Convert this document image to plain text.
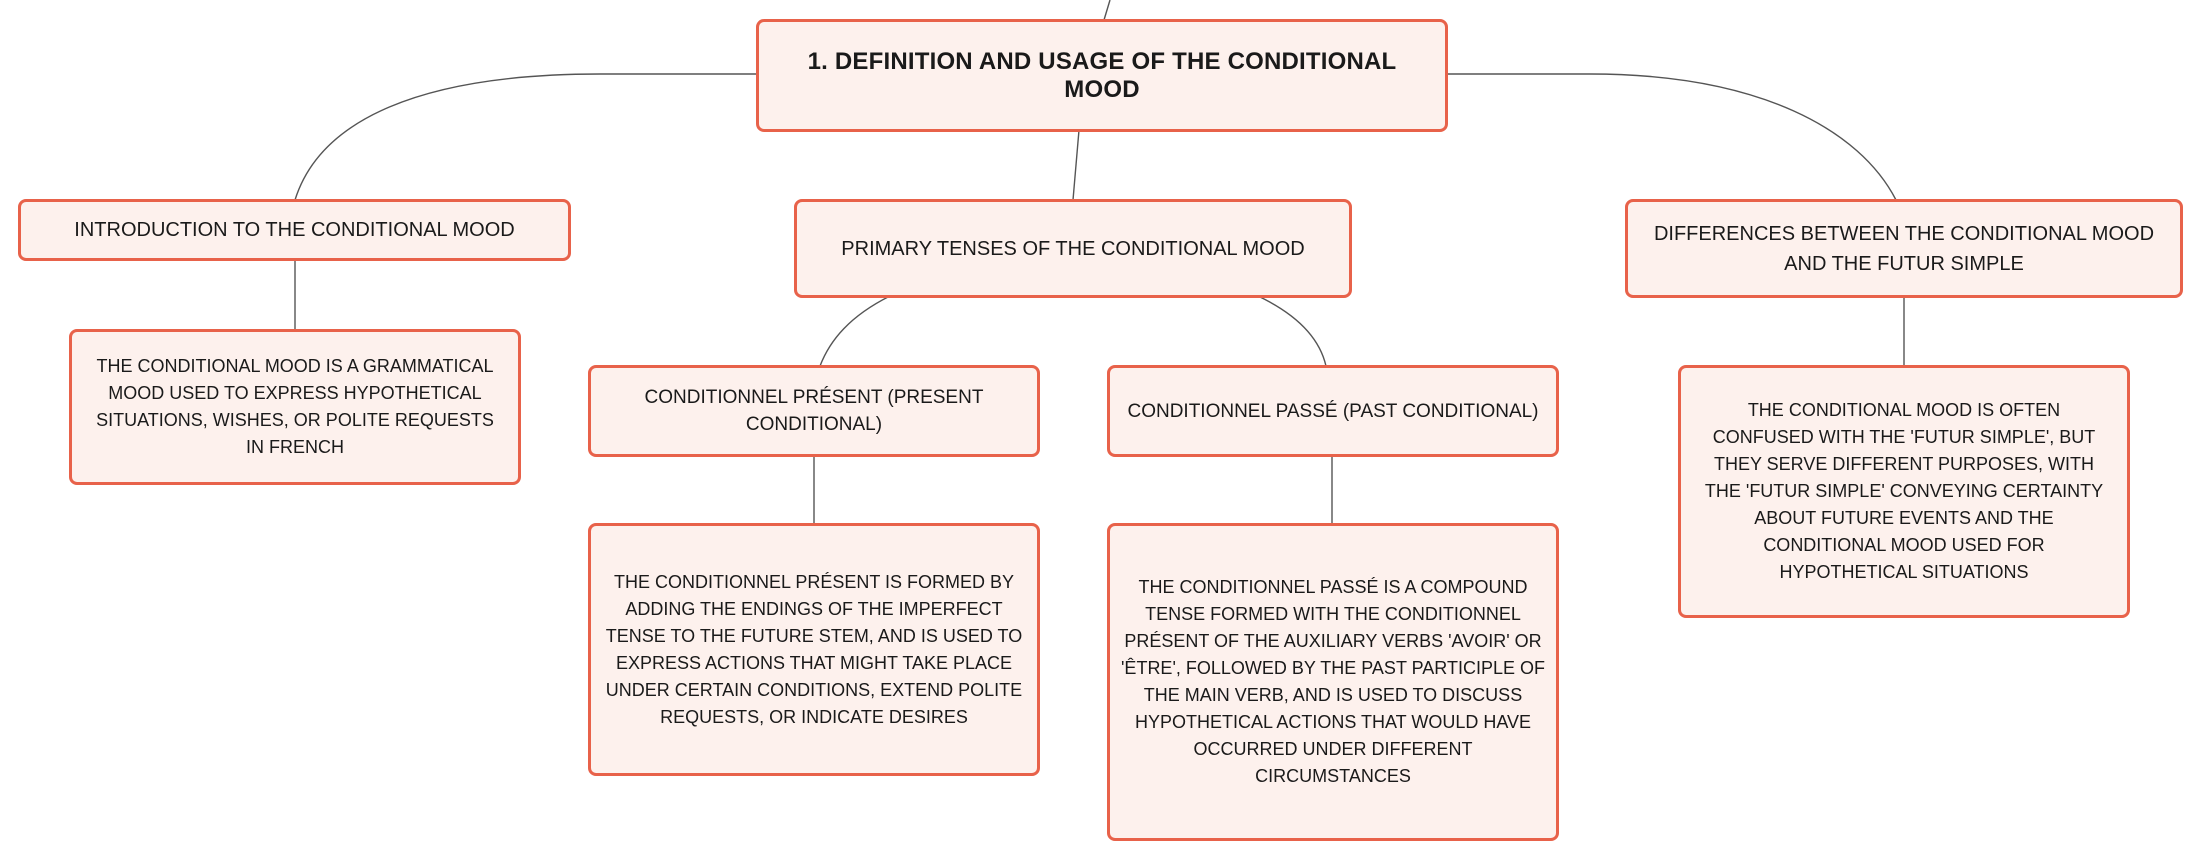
1. DEFINITION AND USAGE OF THE CONDITIONAL MOOD
INTRODUCTION TO THE CONDITIONAL MOOD
THE CONDITIONAL MOOD IS A GRAMMATICAL MOOD USED TO EXPRESS HYPOTHETICAL SITUATIONS, WISHES, OR POLITE REQUESTS IN FRENCH
PRIMARY TENSES OF THE CONDITIONAL MOOD
CONDITIONNEL PRÉSENT (PRESENT CONDITIONAL)
THE CONDITIONNEL PRÉSENT IS FORMED BY ADDING THE ENDINGS OF THE IMPERFECT TENSE TO THE FUTURE STEM, AND IS USED TO EXPRESS ACTIONS THAT MIGHT TAKE PLACE UNDER CERTAIN CONDITIONS, EXTEND POLITE REQUESTS, OR INDICATE DESIRES
CONDITIONNEL PASSÉ (PAST CONDITIONAL)
THE CONDITIONNEL PASSÉ IS A COMPOUND TENSE FORMED WITH THE CONDITIONNEL PRÉSENT OF THE AUXILIARY VERBS 'AVOIR' OR 'ÊTRE', FOLLOWED BY THE PAST PARTICIPLE OF THE MAIN VERB, AND IS USED TO DISCUSS HYPOTHETICAL ACTIONS THAT WOULD HAVE OCCURRED UNDER DIFFERENT CIRCUMSTANCES
DIFFERENCES BETWEEN THE CONDITIONAL MOOD AND THE FUTUR SIMPLE
THE CONDITIONAL MOOD IS OFTEN CONFUSED WITH THE 'FUTUR SIMPLE', BUT THEY SERVE DIFFERENT PURPOSES, WITH THE 'FUTUR SIMPLE' CONVEYING CERTAINTY ABOUT FUTURE EVENTS AND THE CONDITIONAL MOOD USED FOR HYPOTHETICAL SITUATIONS
